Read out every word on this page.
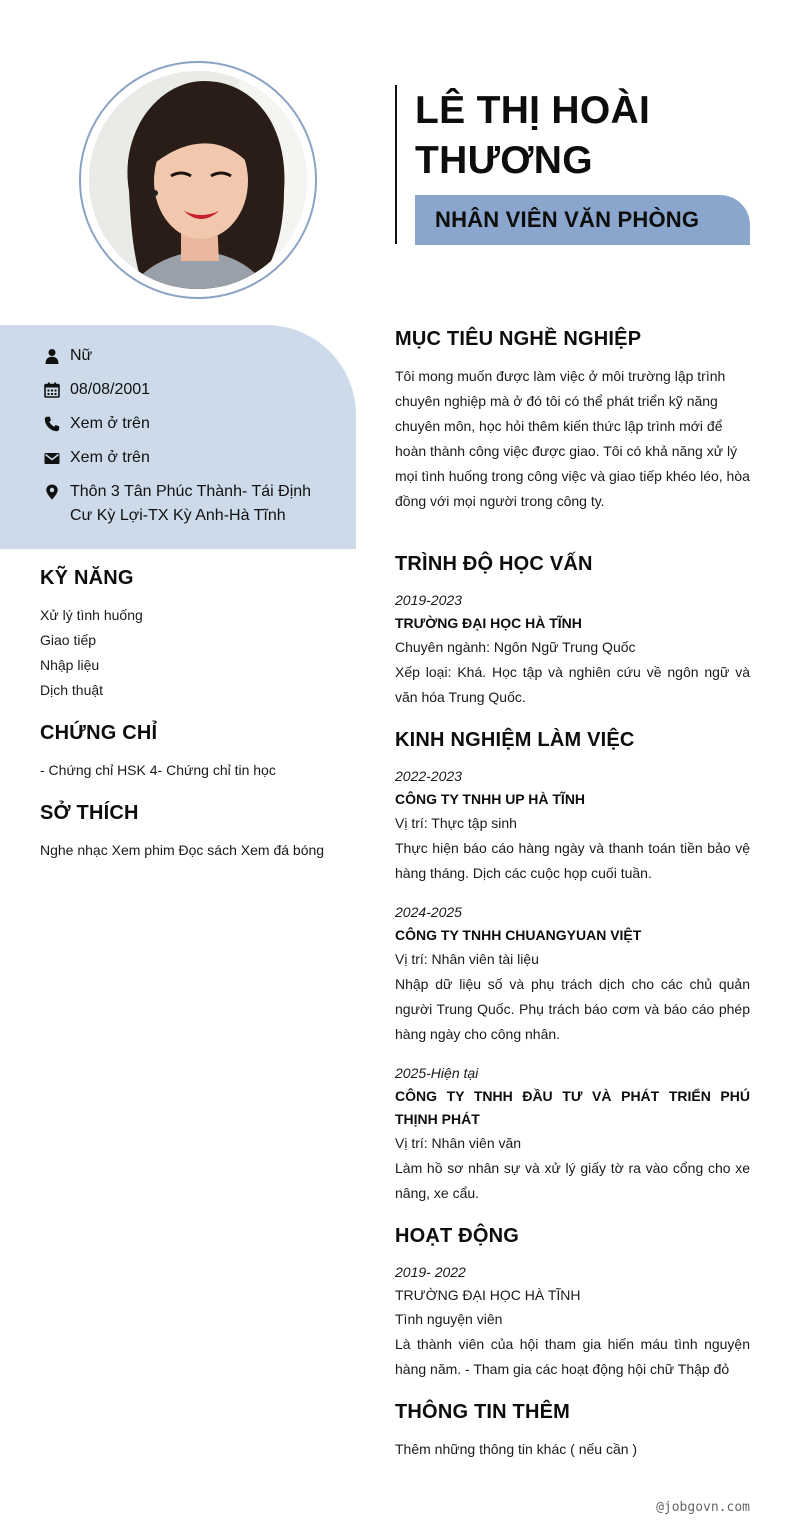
LÊ THỊ HOÀI THƯƠNG
NHÂN VIÊN VĂN PHÒNG
Nữ
08/08/2001
Xem ở trên
Xem ở trên
Thôn 3 Tân Phúc Thành- Tái Định Cư Kỳ Lợi-TX Kỳ Anh-Hà Tĩnh
KỸ NĂNG
Xử lý tình huống
Giao tiếp
Nhập liệu
Dịch thuật
CHỨNG CHỈ
- Chứng chỉ HSK 4- Chứng chỉ tin học
SỞ THÍCH
Nghe nhạc Xem phim Đọc sách Xem đá bóng
MỤC TIÊU NGHỀ NGHIỆP
Tôi mong muốn được làm việc ở môi trường lập trình chuyên nghiệp mà ở đó tôi có thể phát triển kỹ năng chuyên môn, học hỏi thêm kiến thức lập trình mới để hoàn thành công việc được giao. Tôi có khả năng xử lý mọi tình huống trong công việc và giao tiếp khéo léo, hòa đồng với mọi người trong công ty.
TRÌNH ĐỘ HỌC VẤN
2019-2023
TRƯỜNG ĐẠI HỌC HÀ TĨNH
Chuyên ngành: Ngôn Ngữ Trung Quốc
Xếp loại: Khá. Học tập và nghiên cứu về ngôn ngữ và văn hóa Trung Quốc.
KINH NGHIỆM LÀM VIỆC
2022-2023
CÔNG TY TNHH UP HÀ TĨNH
Vị trí: Thực tập sinh
Thực hiện báo cáo hàng ngày và thanh toán tiền bảo vệ hàng tháng. Dịch các cuộc họp cuối tuần.
2024-2025
CÔNG TY TNHH CHUANGYUAN VIỆT
Vị trí: Nhân viên tài liệu
Nhập dữ liệu số và phụ trách dịch cho các chủ quản người Trung Quốc. Phụ trách báo cơm và báo cáo phép hàng ngày cho công nhân.
2025-Hiện tại
CÔNG TY TNHH ĐẦU TƯ VÀ PHÁT TRIỂN PHÚ THỊNH PHÁT
Vị trí: Nhân viên văn
Làm hồ sơ nhân sự và xử lý giấy tờ ra vào cổng cho xe nâng, xe cẩu.
HOẠT ĐỘNG
2019- 2022
TRƯỜNG ĐẠI HỌC HÀ TĨNH
Tình nguyện viên
Là thành viên của hội tham gia hiến máu tình nguyện hàng năm. - Tham gia các hoạt động hội chữ Thập đỏ
THÔNG TIN THÊM
Thêm những thông tin khác ( nếu cần )
@jobgovn.com
